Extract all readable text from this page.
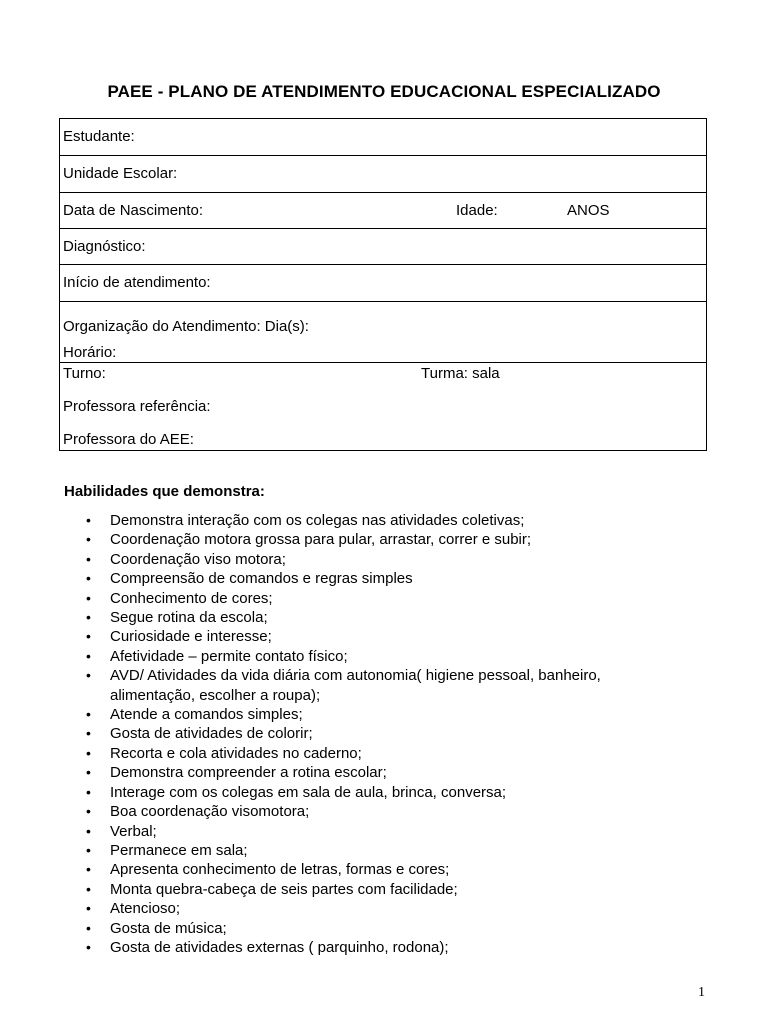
PAEE - PLANO DE ATENDIMENTO EDUCACIONAL ESPECIALIZADO
Estudante:
Unidade Escolar:
Data de Nascimento:	Idade:	ANOS
Diagnóstico:
Início de atendimento:
Organização do Atendimento: Dia(s):
Horário:
Turno:	Turma: sala
Professora referência:
Professora do AEE:
Habilidades que demonstra:
• Demonstra interação com os colegas nas atividades coletivas;
• Coordenação motora grossa para pular, arrastar, correr e subir;
• Coordenação viso motora;
• Compreensão de comandos e regras simples
• Conhecimento de cores;
• Segue rotina da escola;
• Curiosidade e interesse;
• Afetividade – permite contato físico;
• AVD/ Atividades da vida diária com autonomia( higiene pessoal, banheiro, alimentação, escolher a roupa);
• Atende a comandos simples;
• Gosta de atividades de colorir;
• Recorta e cola atividades no caderno;
• Demonstra compreender a rotina escolar;
• Interage com os colegas em sala de aula, brinca, conversa;
• Boa coordenação visomotora;
• Verbal;
• Permanece em sala;
• Apresenta conhecimento de letras, formas e cores;
• Monta quebra-cabeça de seis partes com facilidade;
• Atencioso;
• Gosta de música;
• Gosta de atividades externas ( parquinho, rodona);
1
